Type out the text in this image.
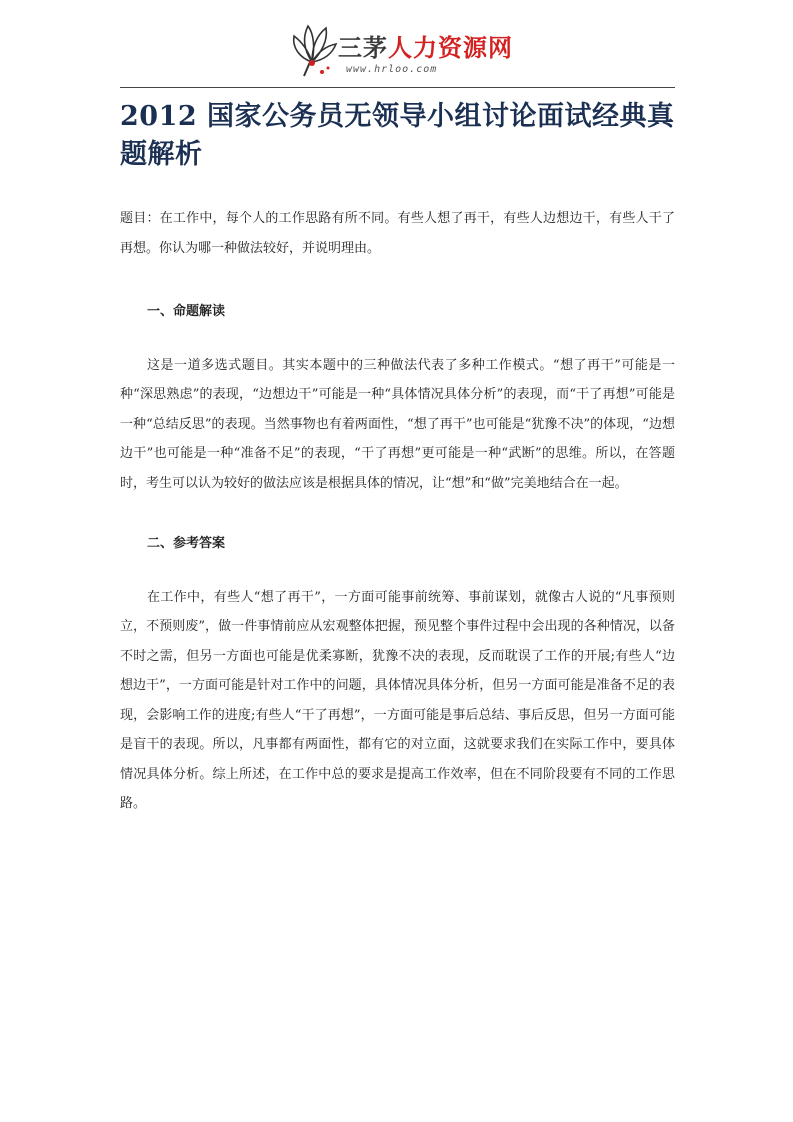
三茅人力资源网
www.hrloo.com
2012 国家公务员无领导小组讨论面试经典真题解析

题目：在工作中，每个人的工作思路有所不同。有些人想了再干，有些人边想边干，有些人干了再想。你认为哪一种做法较好，并说明理由。

一、命题解读

这是一道多选式题目。其实本题中的三种做法代表了多种工作模式。“想了再干”可能是一种“深思熟虑”的表现，“边想边干”可能是一种“具体情况具体分析”的表现，而“干了再想”可能是一种“总结反思”的表现。当然事物也有着两面性，“想了再干”也可能是“犹豫不决”的体现，“边想边干”也可能是一种“准备不足”的表现，“干了再想”更可能是一种“武断”的思维。所以，在答题时，考生可以认为较好的做法应该是根据具体的情况，让“想”和“做”完美地结合在一起。

二、参考答案

在工作中，有些人“想了再干”，一方面可能事前统筹、事前谋划，就像古人说的“凡事预则立，不预则废”，做一件事情前应从宏观整体把握，预见整个事件过程中会出现的各种情况，以备不时之需，但另一方面也可能是优柔寡断，犹豫不决的表现，反而耽误了工作的开展;有些人“边想边干”，一方面可能是针对工作中的问题，具体情况具体分析，但另一方面可能是准备不足的表现，会影响工作的进度;有些人“干了再想”，一方面可能是事后总结、事后反思，但另一方面可能是盲干的表现。所以，凡事都有两面性，都有它的对立面，这就要求我们在实际工作中，要具体情况具体分析。综上所述，在工作中总的要求是提高工作效率，但在不同阶段要有不同的工作思路。
